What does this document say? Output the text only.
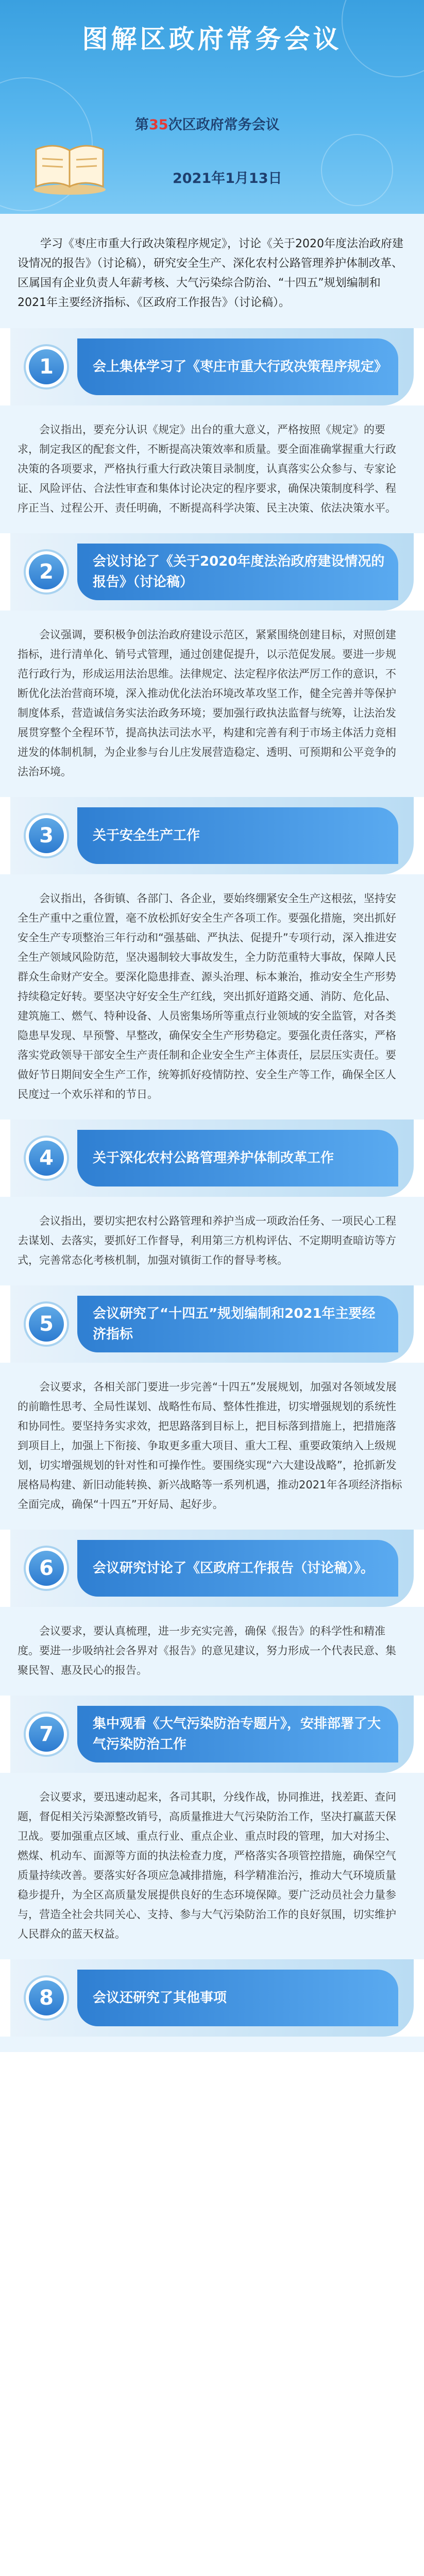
图解区政府常务会议
第35次区政府常务会议
2021年1月13日
学习《枣庄市重大行政决策程序规定》，讨论《关于2020年度法治政府建设情况的报告》（讨论稿），研究安全生产、深化农村公路管理养护体制改革、区属国有企业负责人年薪考核、大气污染综合防治、“十四五”规划编制和2021年主要经济指标、《区政府工作报告》（讨论稿）。
1	会上集体学习了《枣庄市重大行政决策程序规定》
会议指出，要充分认识《规定》出台的重大意义，严格按照《规定》的要求，制定我区的配套文件，不断提高决策效率和质量。要全面准确掌握重大行政决策的各项要求，严格执行重大行政决策目录制度，认真落实公众参与、专家论证、风险评估、合法性审查和集体讨论决定的程序要求，确保决策制度科学、程序正当、过程公开、责任明确，不断提高科学决策、民主决策、依法决策水平。
2	会议讨论了《关于2020年度法治政府建设情况的报告》（讨论稿）
会议强调，要积极争创法治政府建设示范区，紧紧围绕创建目标，对照创建指标，进行清单化、销号式管理，通过创建促提升，以示范促发展。要进一步规范行政行为，形成运用法治思维。法律规定、法定程序依法严厉工作的意识，不断优化法治营商环境，深入推动优化法治环境改革攻坚工作，健全完善并等保护制度体系，营造诚信务实法治政务环境；要加强行政执法监督与统筹，让法治发展贯穿整个全程环节，提高执法司法水平，构建和完善有利于市场主体活力竞相迸发的体制机制，为企业参与台儿庄发展营造稳定、透明、可预期和公平竞争的法治环境。
3	关于安全生产工作
会议指出，各街镇、各部门、各企业，要始终绷紧安全生产这根弦，坚持安全生产重中之重位置，毫不放松抓好安全生产各项工作。要强化措施，突出抓好安全生产专项整治三年行动和“强基础、严执法、促提升”专项行动，深入推进安全生产领域风险防范，坚决遏制较大事故发生，全力防范重特大事故，保障人民群众生命财产安全。要深化隐患排查、源头治理、标本兼治，推动安全生产形势持续稳定好转。要坚决守好安全生产红线，突出抓好道路交通、消防、危化品、建筑施工、燃气、特种设备、人员密集场所等重点行业领域的安全监管，对各类隐患早发现、早预警、早整改，确保安全生产形势稳定。要强化责任落实，严格落实党政领导干部安全生产责任制和企业安全生产主体责任，层层压实责任。要做好节日期间安全生产工作，统筹抓好疫情防控、安全生产等工作，确保全区人民度过一个欢乐祥和的节日。
4	关于深化农村公路管理养护体制改革工作
会议指出，要切实把农村公路管理和养护当成一项政治任务、一项民心工程去谋划、去落实，要抓好工作督导，利用第三方机构评估、不定期明查暗访等方式，完善常态化考核机制，加强对镇街工作的督导考核。
5	会议研究了“十四五”规划编制和2021年主要经济指标
会议要求，各相关部门要进一步完善“十四五”发展规划，加强对各领域发展的前瞻性思考、全局性谋划、战略性布局、整体性推进，切实增强规划的系统性和协同性。要坚持务实求效，把思路落到目标上，把目标落到措施上，把措施落到项目上，加强上下衔接、争取更多重大项目、重大工程、重要政策纳入上级规划，切实增强规划的针对性和可操作性。要围绕实现“六大建设战略”，抢抓新发展格局构建、新旧动能转换、新兴战略等一系列机遇，推动2021年各项经济指标全面完成，确保“十四五”开好局、起好步。
6	会议研究讨论了《区政府工作报告（讨论稿）》。
会议要求，要认真梳理，进一步充实完善，确保《报告》的科学性和精准度。要进一步吸纳社会各界对《报告》的意见建议，努力形成一个代表民意、集聚民智、惠及民心的报告。
7	集中观看《大气污染防治专题片》，安排部署了大气污染防治工作
会议要求，要迅速动起来，各司其职，分线作战，协同推进，找差距、查问题，督促相关污染源整改销号，高质量推进大气污染防治工作，坚决打赢蓝天保卫战。要加强重点区域、重点行业、重点企业、重点时段的管理，加大对扬尘、燃煤、机动车、面源等方面的执法检查力度，严格落实各项管控措施，确保空气质量持续改善。要落实好各项应急减排措施，科学精准治污，推动大气环境质量稳步提升，为全区高质量发展提供良好的生态环境保障。要广泛动员社会力量参与，营造全社会共同关心、支持、参与大气污染防治工作的良好氛围，切实维护人民群众的蓝天权益。
8	会议还研究了其他事项
